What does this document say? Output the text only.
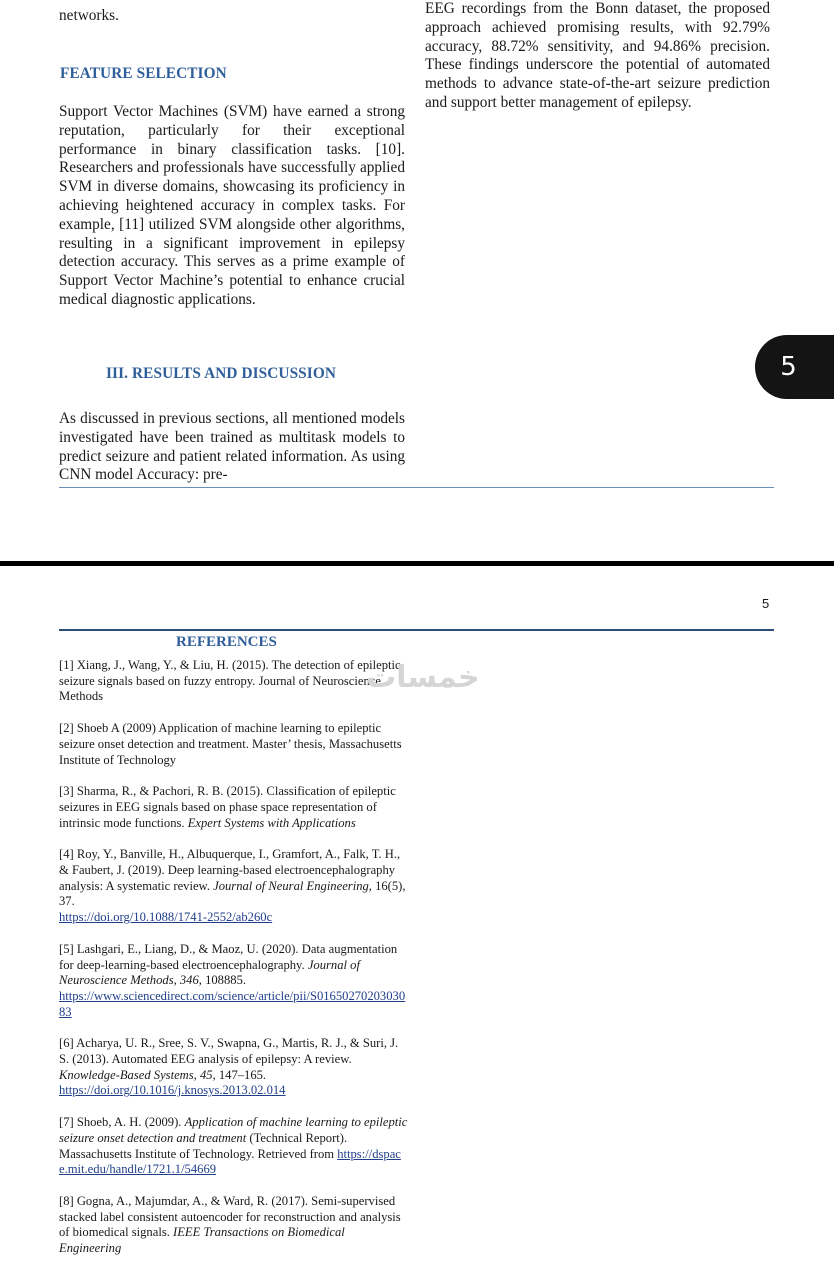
networks.
FEATURE SELECTION

Support Vector Machines (SVM) have earned a strong reputation, particularly for their exceptional performance in binary classification tasks. [10]. Researchers and professionals have successfully applied SVM in diverse domains, showcasing its proficiency in achieving heightened accuracy in complex tasks. For example, [11] utilized SVM alongside other algorithms, resulting in a significant improvement in epilepsy detection accuracy. This serves as a prime example of Support Vector Machine’s potential to enhance crucial medical diagnostic applications.

III. RESULTS AND DISCUSSION

As discussed in previous sections, all mentioned models investigated have been trained as multitask models to predict seizure and patient related information. As using CNN model Accuracy: pre-

EEG recordings from the Bonn dataset, the proposed approach achieved promising results, with 92.79% accuracy, 88.72% sensitivity, and 94.86% precision. These findings underscore the potential of automated methods to advance state-of-the-art seizure prediction and support better management of epilepsy.

5
REFERENCES

[1] Xiang, J., Wang, Y., & Liu, H. (2015). The detection of epileptic seizure signals based on fuzzy entropy. Journal of Neuroscience Methods

[2] Shoeb A (2009) Application of machine learning to epileptic seizure onset detection and treatment. Master’ thesis, Massachusetts Institute of Technology

[3] Sharma, R., & Pachori, R. B. (2015). Classification of epileptic seizures in EEG signals based on phase space representation of intrinsic mode functions. Expert Systems with Applications

[4] Roy, Y., Banville, H., Albuquerque, I., Gramfort, A., Falk, T. H., & Faubert, J. (2019). Deep learning-based electroencephalography analysis: A systematic review. Journal of Neural Engineering, 16(5), 37.
https://doi.org/10.1088/1741-2552/ab260c

[5] Lashgari, E., Liang, D., & Maoz, U. (2020). Data augmentation for deep-learning-based electroencephalography. Journal of Neuroscience Methods, 346, 108885.
https://www.sciencedirect.com/science/article/pii/S0165027020303083

[6] Acharya, U. R., Sree, S. V., Swapna, G., Martis, R. J., & Suri, J. S. (2013). Automated EEG analysis of epilepsy: A review. Knowledge-Based Systems, 45, 147–165.
https://doi.org/10.1016/j.knosys.2013.02.014

[7] Shoeb, A. H. (2009). Application of machine learning to epileptic seizure onset detection and treatment (Technical Report). Massachusetts Institute of Technology. Retrieved from https://dspace.mit.edu/handle/1721.1/54669

[8] Gogna, A., Majumdar, A., & Ward, R. (2017). Semi-supervised stacked label consistent autoencoder for reconstruction and analysis of biomedical signals. IEEE Transactions on Biomedical Engineering

5
خمسات
